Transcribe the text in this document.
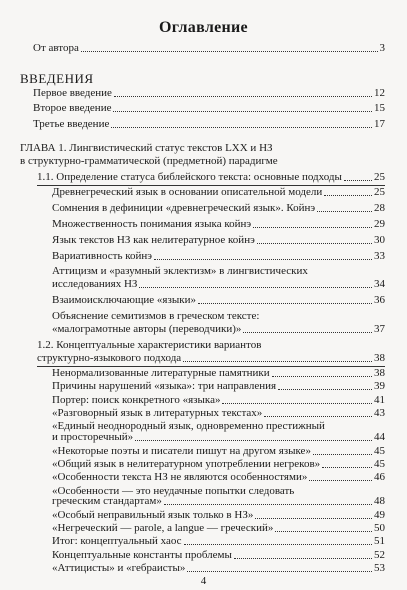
Оглавление
От автора	3
ВВЕДЕНИЯ
Первое введение	12
Второе введение	15
Третье введение	17
ГЛАВА 1. Лингвистический статус текстов LXX и НЗ
в структурно-грамматической (предметной) парадигме
1.1. Определение статуса библейского текста: основные подходы	25
Древнегреческий язык в основании описательной модели	25
Сомнения в дефиниции «древнегреческий язык». Койнэ	28
Множественность понимания языка койнэ	29
Язык текстов НЗ как нелитературное койнэ	30
Вариативность койнэ	33
Аттицизм и «разумный эклектизм» в лингвистических
исследованиях НЗ	34
Взаимоисключающие «языки»	36
Объяснение семитизмов в греческом тексте:
«малограмотные авторы (переводчики)»	37
1.2. Концептуальные характеристики вариантов
структурно-языкового подхода	38
Ненормализованные литературные памятники	38
Причины нарушений «языка»: три направления	39
Портер: поиск конкретного «языка»	41
«Разговорный язык в литературных текстах»	43
«Единый неоднородный язык, одновременно престижный
и просторечный»	44
«Некоторые поэты и писатели пишут на другом языке»	45
«Общий язык в нелитературном употреблении негреков»	45
«Особенности текста НЗ не являются особенностями»	46
«Особенности — это неудачные попытки следовать
греческим стандартам»	48
«Особый неправильный язык только в НЗ»	49
«Негреческий — parole, а langue — греческий»	50
Итог: концептуальный хаос	51
Концептуальные константы проблемы	52
«Аттицисты» и «гебраисты»	53
4
